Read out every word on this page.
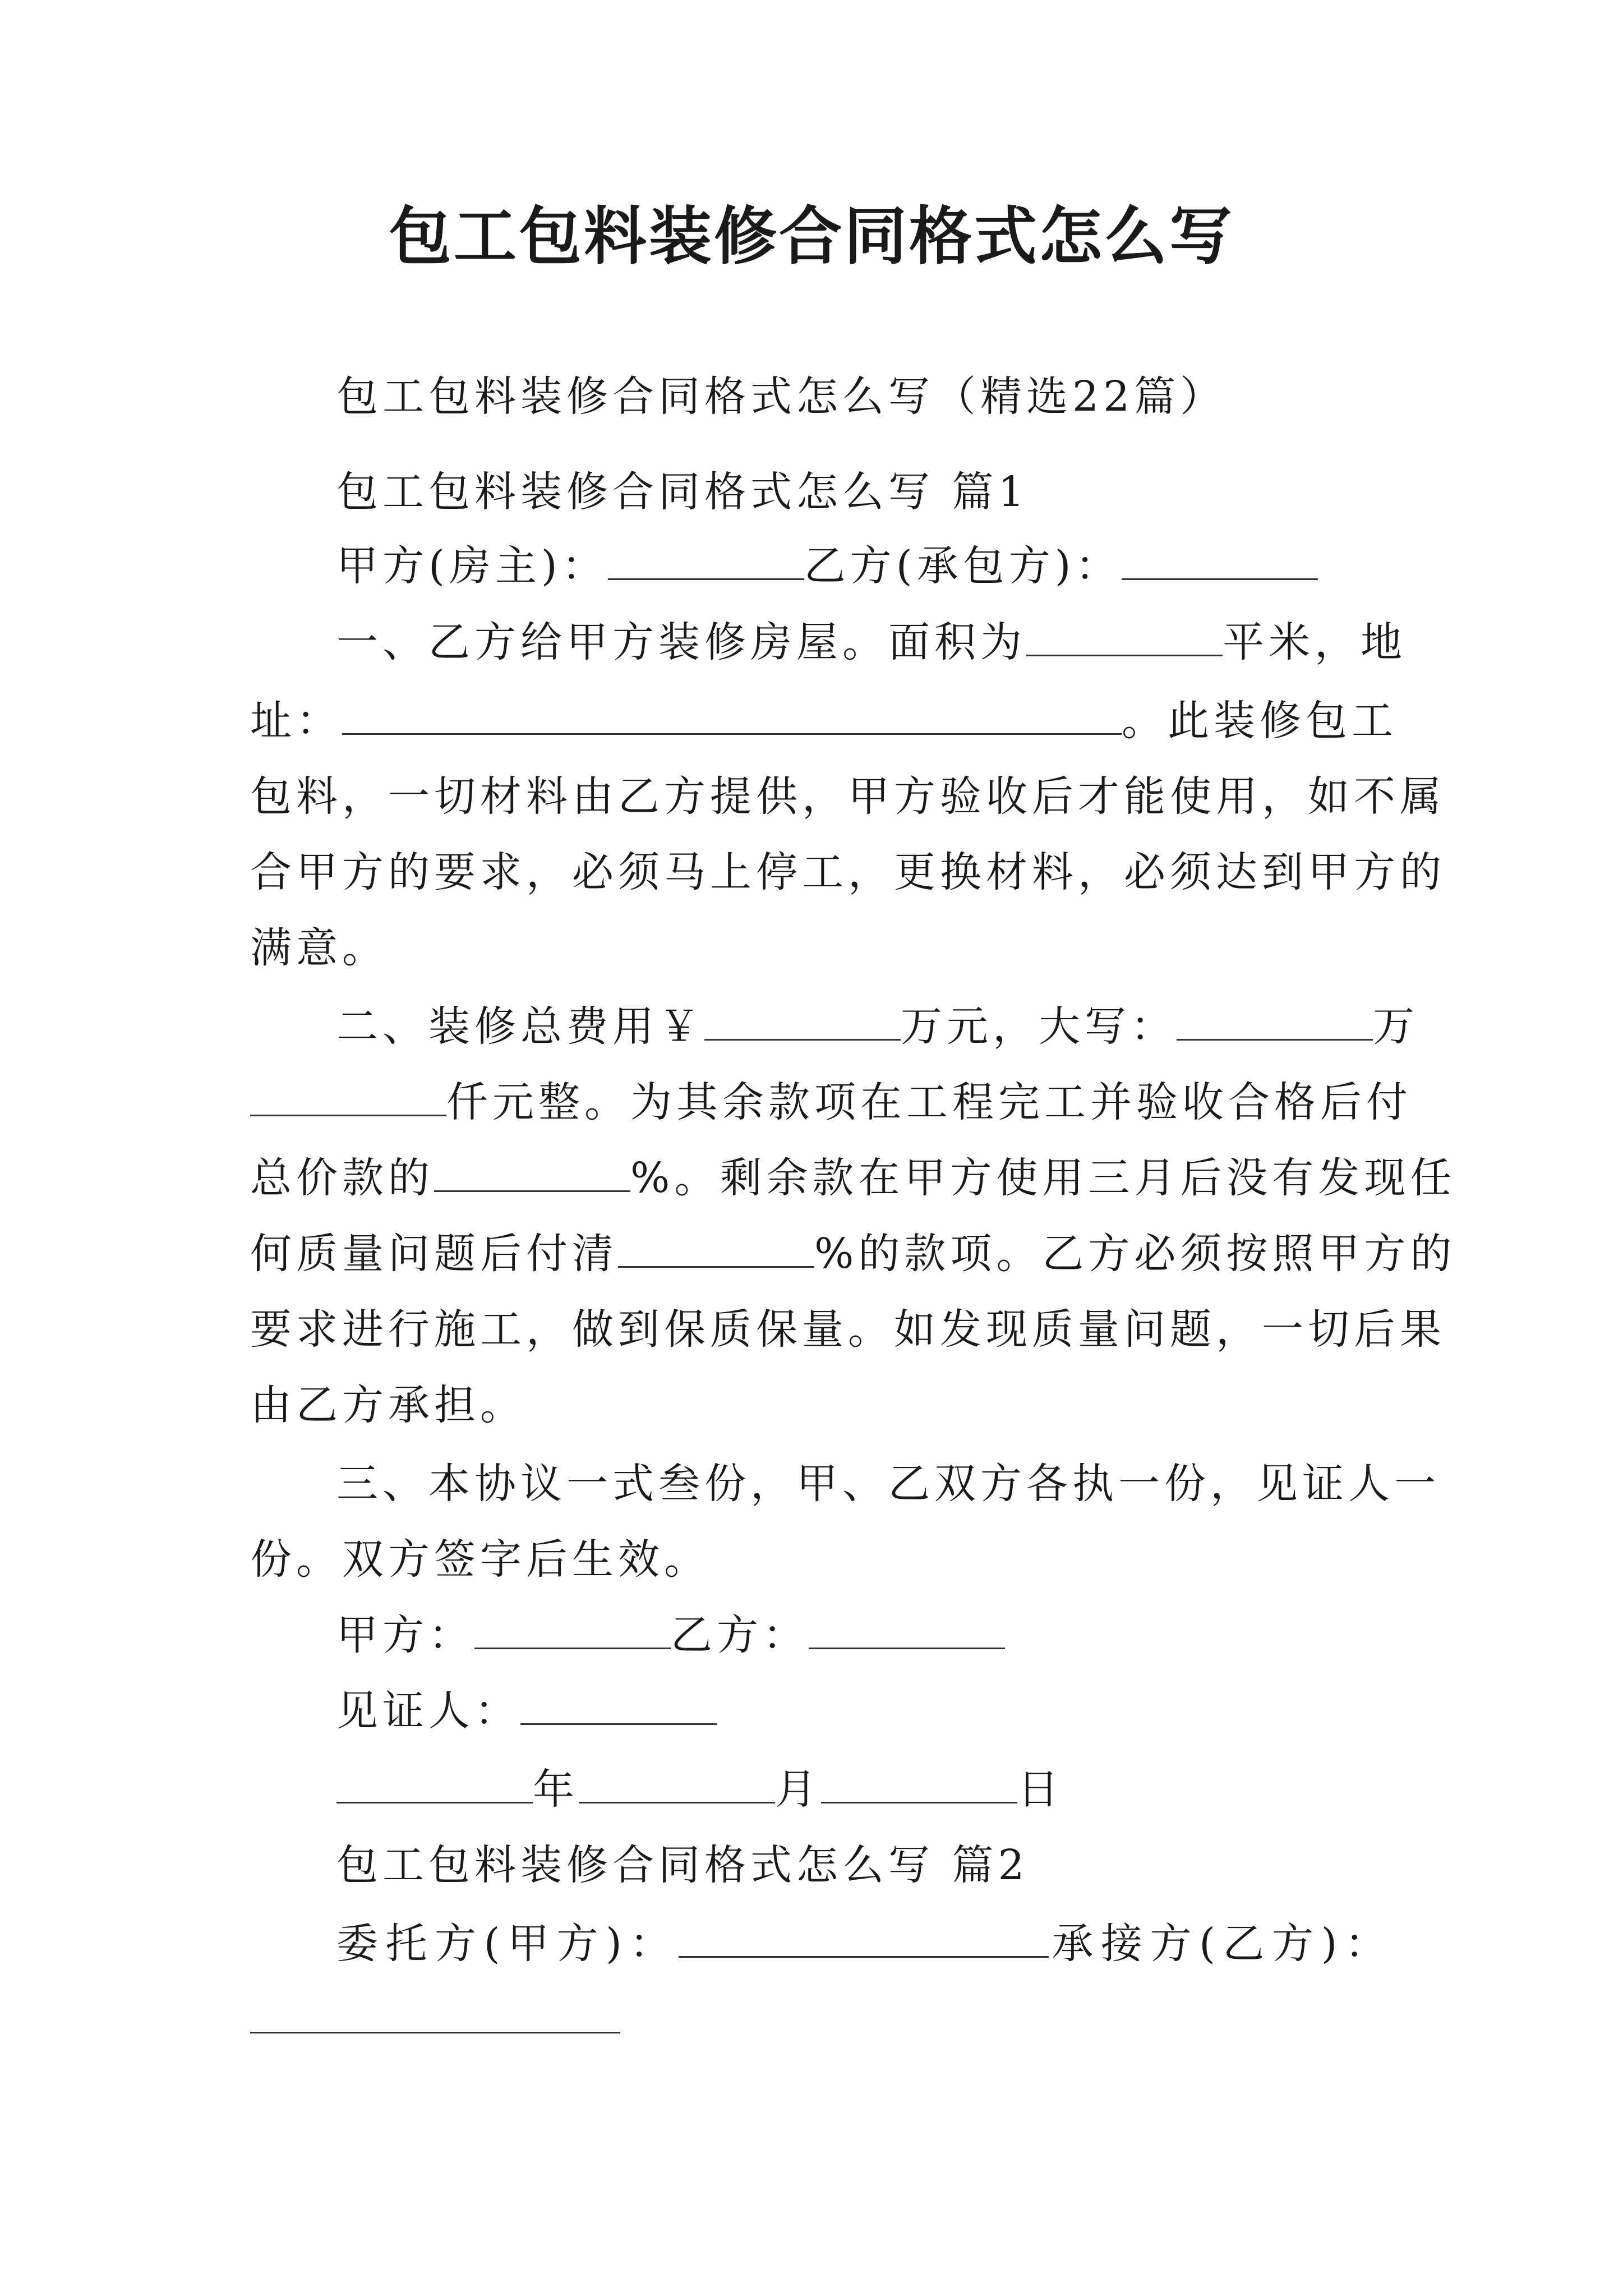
包工包料装修合同格式怎么写
包工包料装修合同格式怎么写（精选22篇）
包工包料装修合同格式怎么写 篇1
甲方(房主)：	乙方(承包方)：
一、乙方给甲方装修房屋。面积为	平米，地
址：	。此装修包工
包料，一切材料由乙方提供，甲方验收后才能使用，如不属
合甲方的要求，必须马上停工，更换材料，必须达到甲方的
满意。
二、装修总费用￥	万元，大写：	万
仟元整。为其余款项在工程完工并验收合格后付
总价款的	%。剩余款在甲方使用三月后没有发现任
何质量问题后付清	%的款项。乙方必须按照甲方的
要求进行施工，做到保质保量。如发现质量问题，一切后果
由乙方承担。
三、本协议一式叁份，甲、乙双方各执一份，见证人一
份。双方签字后生效。
甲方：	乙方：
见证人：
年	月	日
包工包料装修合同格式怎么写 篇2
委托方(甲方)：	承接方(乙方)：
